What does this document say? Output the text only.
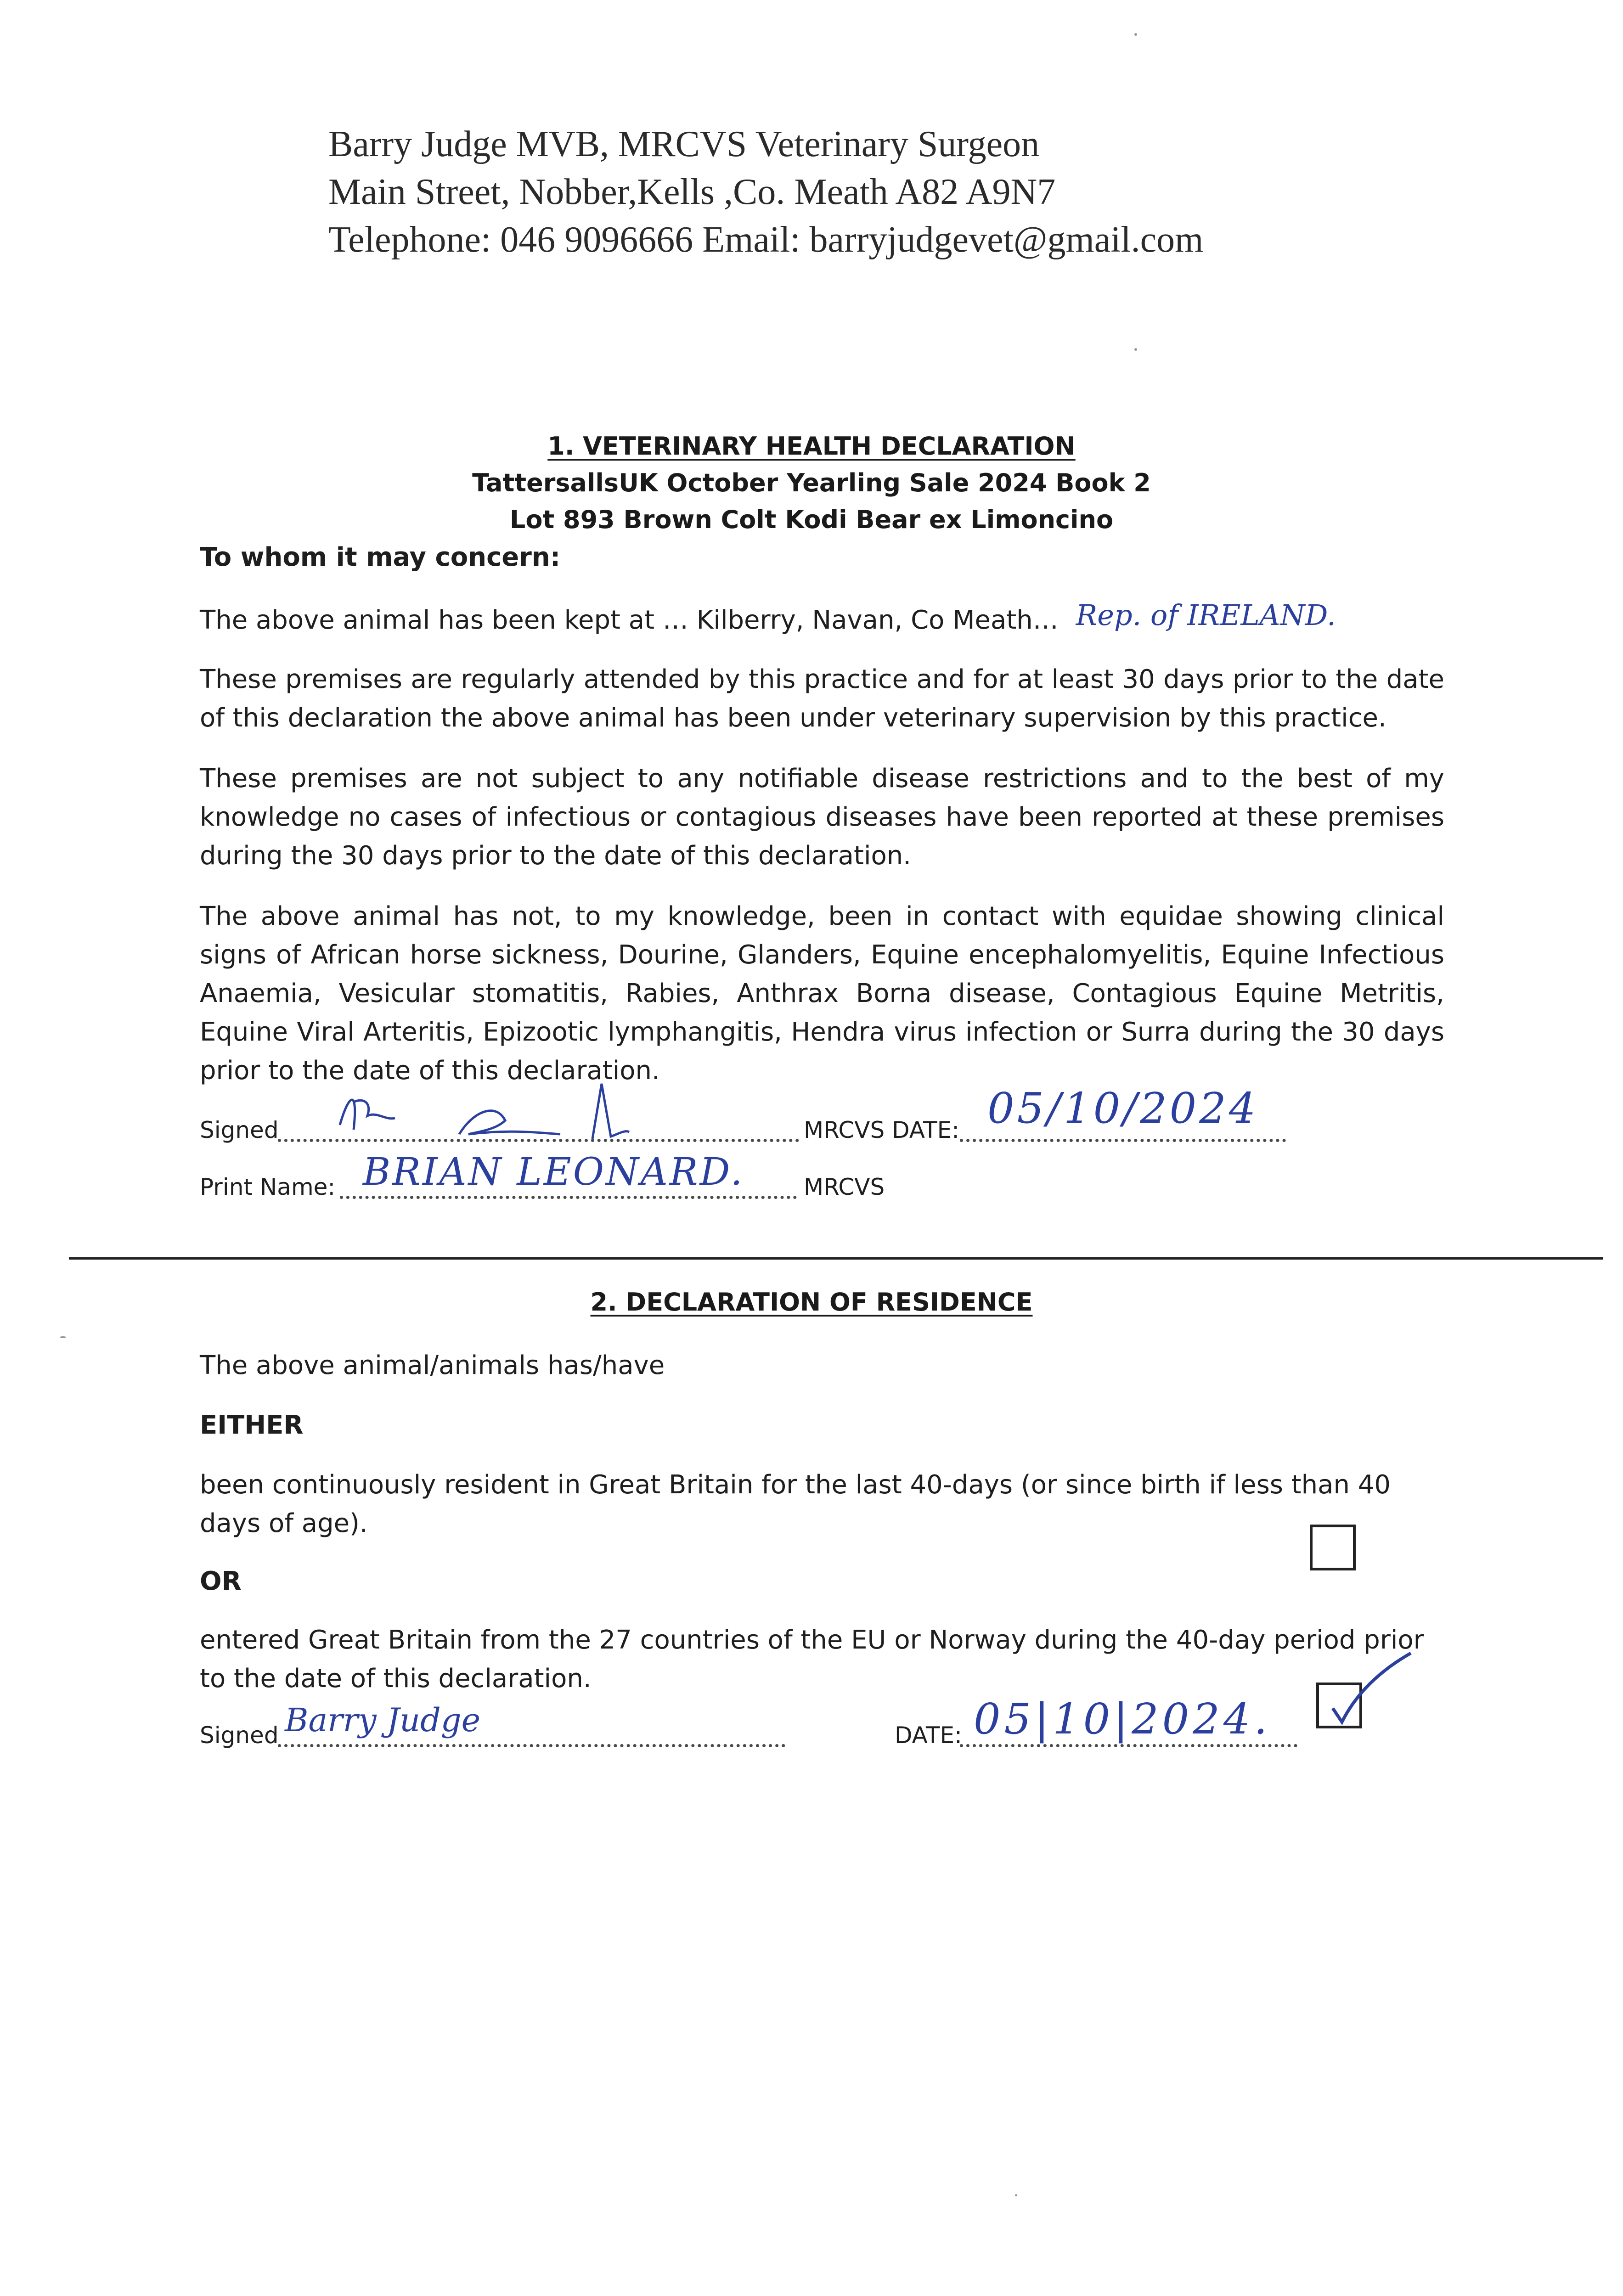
Barry Judge MVB, MRCVS Veterinary Surgeon
Main Street, Nobber,Kells ,Co. Meath A82 A9N7
Telephone: 046 9096666 Email: barryjudgevet@gmail.com
1. VETERINARY HEALTH DECLARATION
TattersallsUK October Yearling Sale 2024 Book 2
Lot 893 Brown Colt Kodi Bear ex Limoncino
To whom it may concern:
The above animal has been kept at … Kilberry, Navan, Co Meath… Rep. of IRELAND.
These premises are regularly attended by this practice and for at least 30 days prior to the date of this declaration the above animal has been under veterinary supervision by this practice.
These premises are not subject to any notifiable disease restrictions and to the best of my knowledge no cases of infectious or contagious diseases have been reported at these premises during the 30 days prior to the date of this declaration.
The above animal has not, to my knowledge, been in contact with equidae showing clinical signs of African horse sickness, Dourine, Glanders, Equine encephalomyelitis, Equine Infectious Anaemia, Vesicular stomatitis, Rabies, Anthrax Borna disease, Contagious Equine Metritis, Equine Viral Arteritis, Epizootic lymphangitis, Hendra virus infection or Surra during the 30 days prior to the date of this declaration.
Signed	MRCVS DATE: 05/10/2024
Print Name: BRIAN LEONARD.	MRCVS
2. DECLARATION OF RESIDENCE
The above animal/animals has/have
EITHER
been continuously resident in Great Britain for the last 40-days (or since birth if less than 40 days of age).
OR
entered Great Britain from the 27 countries of the EU or Norway during the 40-day period prior to the date of this declaration.
Signed Barry Judge	DATE: 05|10|2024.
